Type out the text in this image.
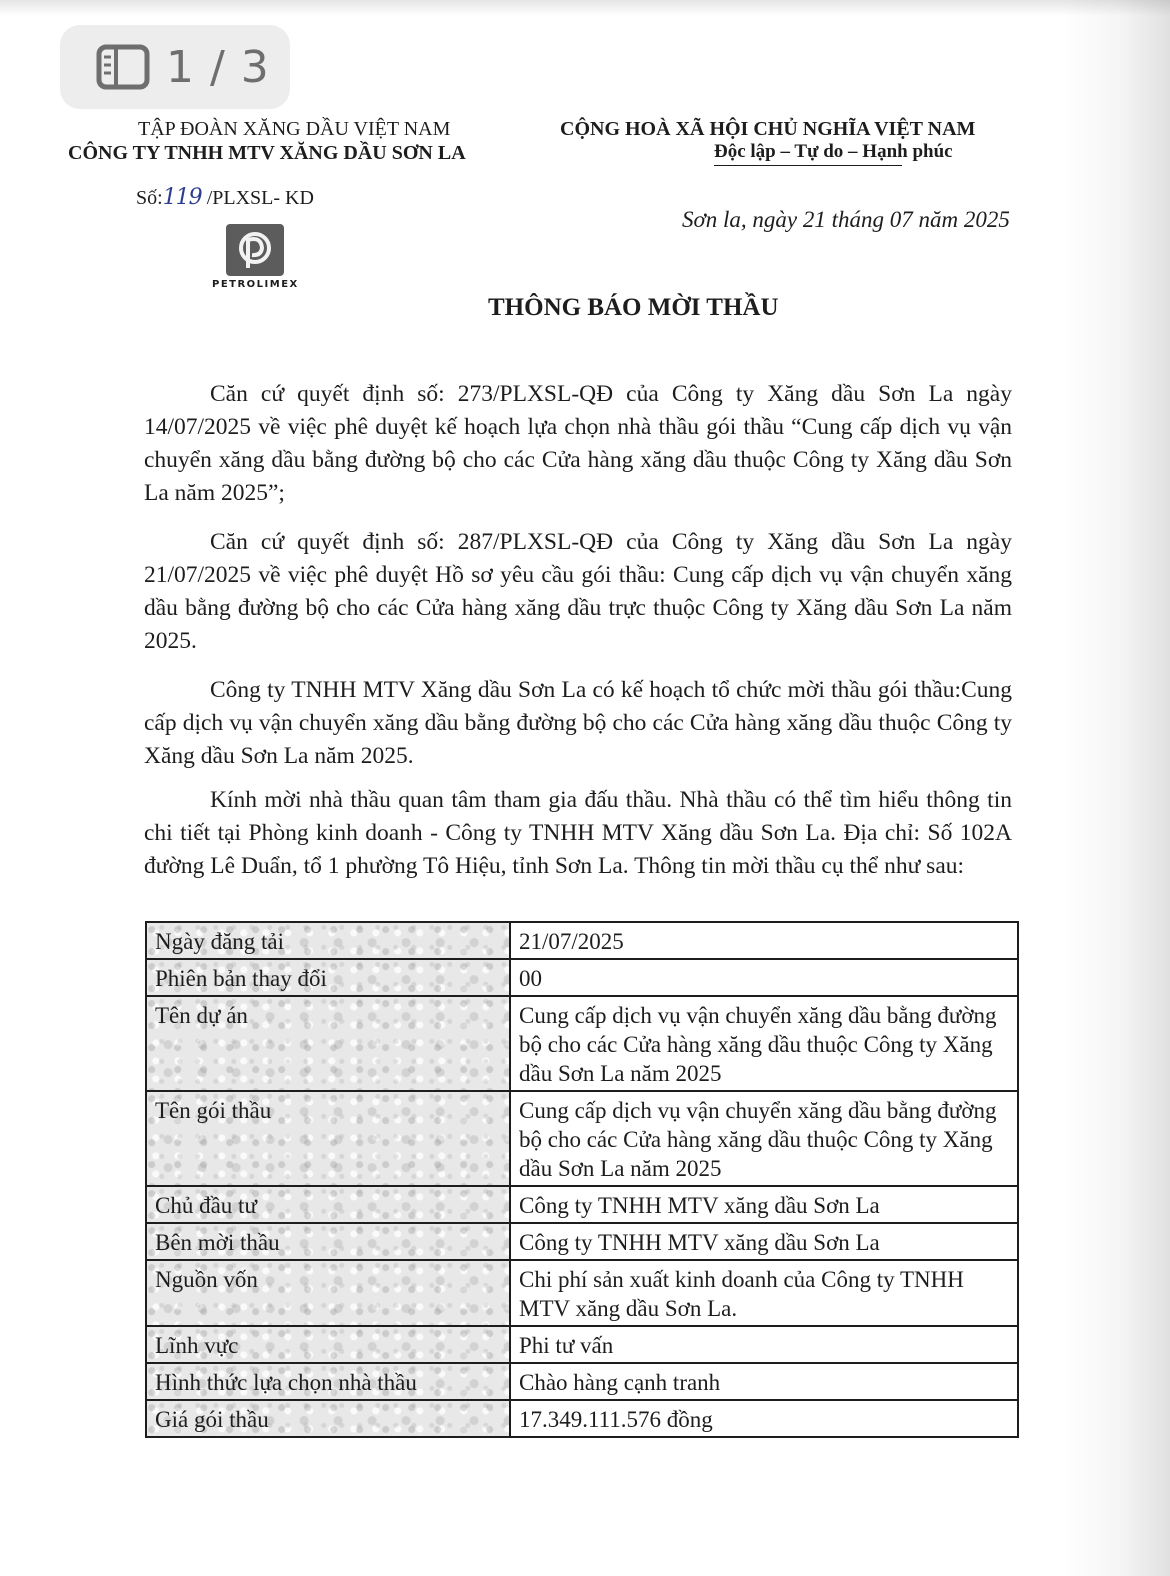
1 / 3
TẬP ĐOÀN XĂNG DẦU VIỆT NAM
CÔNG TY TNHH MTV XĂNG DẦU SƠN LA
CỘNG HOÀ XÃ HỘI CHỦ NGHĨA VIỆT NAM
Độc lập – Tự do – Hạnh phúc
Số:119 /PLXSL- KD
Sơn la, ngày 21 tháng 07 năm 2025
PETROLIMEX
THÔNG BÁO MỜI THẦU
Căn cứ quyết định số: 273/PLXSL-QĐ của Công ty Xăng dầu Sơn La ngày 14/07/2025 về việc phê duyệt kế hoạch lựa chọn nhà thầu gói thầu “Cung cấp dịch vụ vận chuyển xăng dầu bằng đường bộ cho các Cửa hàng xăng dầu thuộc Công ty Xăng dầu Sơn La năm 2025”;
Căn cứ quyết định số: 287/PLXSL-QĐ của Công ty Xăng dầu Sơn La ngày 21/07/2025 về việc phê duyệt Hồ sơ yêu cầu gói thầu: Cung cấp dịch vụ vận chuyển xăng dầu bằng đường bộ cho các Cửa hàng xăng dầu trực thuộc Công ty Xăng dầu Sơn La năm 2025.
Công ty TNHH MTV Xăng dầu Sơn La có kế hoạch tổ chức mời thầu gói thầu:Cung cấp dịch vụ vận chuyển xăng dầu bằng đường bộ cho các Cửa hàng xăng dầu thuộc Công ty Xăng dầu Sơn La năm 2025.
Kính mời nhà thầu quan tâm tham gia đấu thầu. Nhà thầu có thể tìm hiểu thông tin chi tiết tại Phòng kinh doanh - Công ty TNHH MTV Xăng dầu Sơn La. Địa chỉ: Số 102A đường Lê Duẩn, tổ 1 phường Tô Hiệu, tỉnh Sơn La. Thông tin mời thầu cụ thể như sau:
Ngày đăng tải	21/07/2025
Phiên bản thay đổi	00
Tên dự án	Cung cấp dịch vụ vận chuyển xăng dầu bằng đường bộ cho các Cửa hàng xăng dầu thuộc Công ty Xăng dầu Sơn La năm 2025
Tên gói thầu	Cung cấp dịch vụ vận chuyển xăng dầu bằng đường bộ cho các Cửa hàng xăng dầu thuộc Công ty Xăng dầu Sơn La năm 2025
Chủ đầu tư	Công ty TNHH MTV xăng dầu Sơn La
Bên mời thầu	Công ty TNHH MTV xăng dầu Sơn La
Nguồn vốn	Chi phí sản xuất kinh doanh của Công ty TNHH MTV xăng dầu Sơn La.
Lĩnh vực	Phi tư vấn
Hình thức lựa chọn nhà thầu	Chào hàng cạnh tranh
Giá gói thầu	17.349.111.576 đồng
